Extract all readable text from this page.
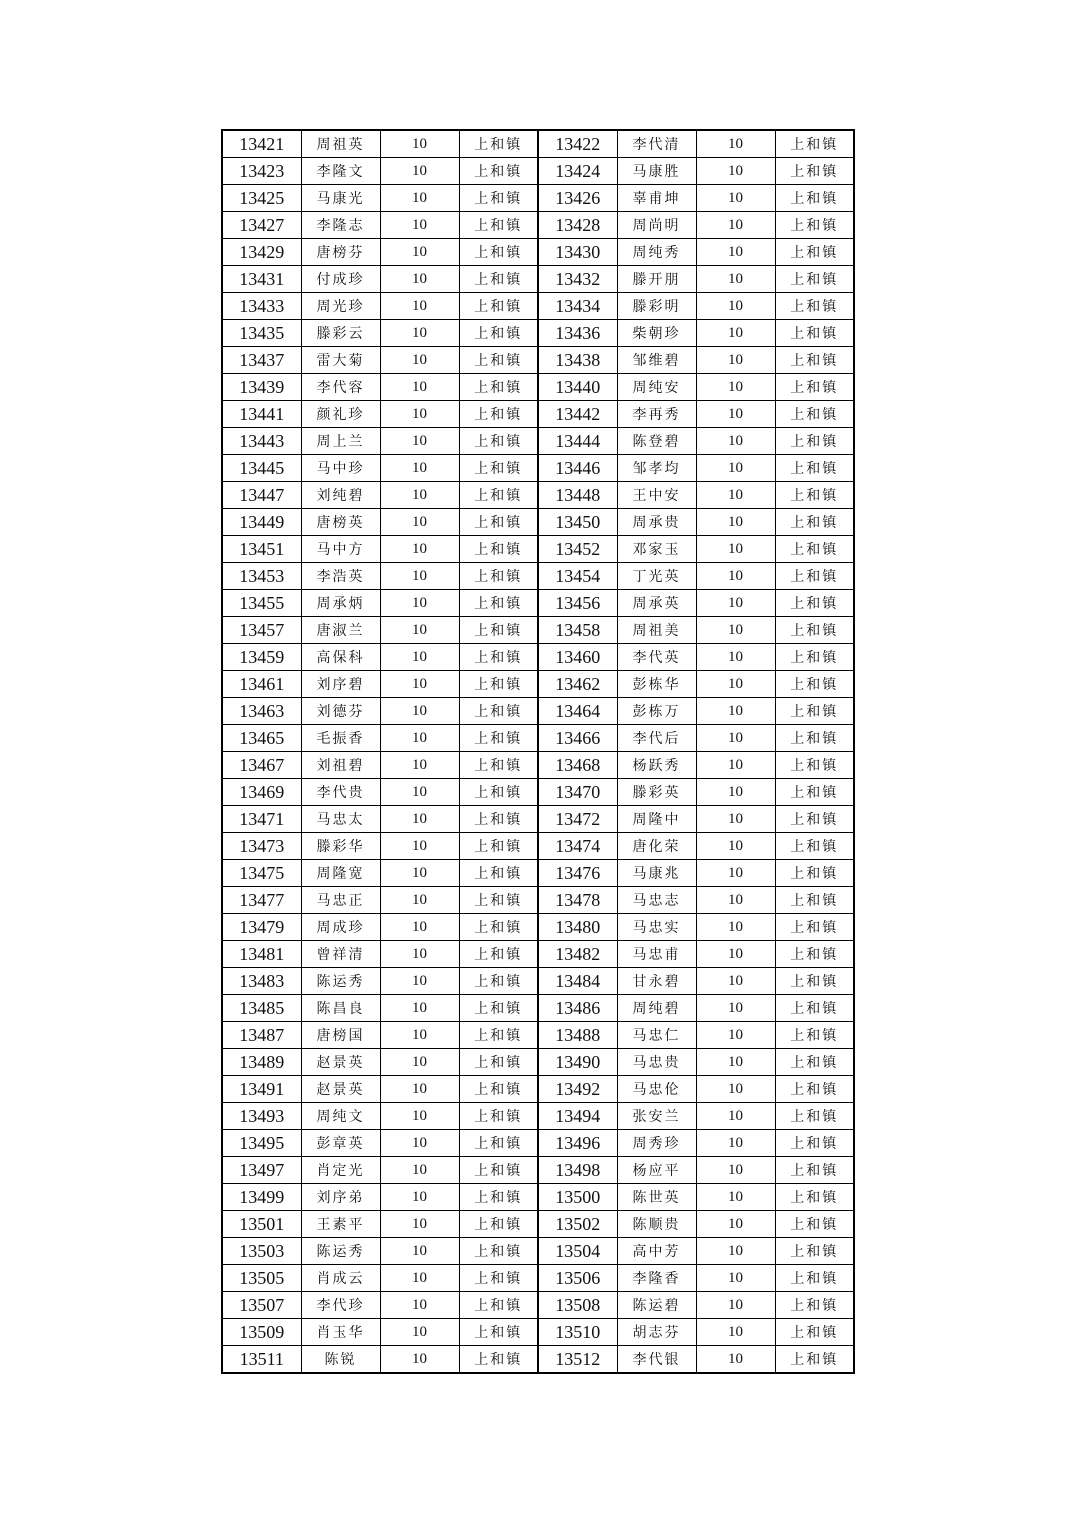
13421	周祖英	10	上和镇	13422	李代清	10	上和镇
13423	李隆文	10	上和镇	13424	马康胜	10	上和镇
13425	马康光	10	上和镇	13426	辜甫坤	10	上和镇
13427	李隆志	10	上和镇	13428	周尚明	10	上和镇
13429	唐榜芬	10	上和镇	13430	周纯秀	10	上和镇
13431	付成珍	10	上和镇	13432	滕开朋	10	上和镇
13433	周光珍	10	上和镇	13434	滕彩明	10	上和镇
13435	滕彩云	10	上和镇	13436	柴朝珍	10	上和镇
13437	雷大菊	10	上和镇	13438	邹维碧	10	上和镇
13439	李代容	10	上和镇	13440	周纯安	10	上和镇
13441	颜礼珍	10	上和镇	13442	李再秀	10	上和镇
13443	周上兰	10	上和镇	13444	陈登碧	10	上和镇
13445	马中珍	10	上和镇	13446	邹孝均	10	上和镇
13447	刘纯碧	10	上和镇	13448	王中安	10	上和镇
13449	唐榜英	10	上和镇	13450	周承贵	10	上和镇
13451	马中方	10	上和镇	13452	邓家玉	10	上和镇
13453	李浩英	10	上和镇	13454	丁光英	10	上和镇
13455	周承炳	10	上和镇	13456	周承英	10	上和镇
13457	唐淑兰	10	上和镇	13458	周祖美	10	上和镇
13459	高保科	10	上和镇	13460	李代英	10	上和镇
13461	刘序碧	10	上和镇	13462	彭栋华	10	上和镇
13463	刘德芬	10	上和镇	13464	彭栋万	10	上和镇
13465	毛振香	10	上和镇	13466	李代后	10	上和镇
13467	刘祖碧	10	上和镇	13468	杨跃秀	10	上和镇
13469	李代贵	10	上和镇	13470	滕彩英	10	上和镇
13471	马忠太	10	上和镇	13472	周隆中	10	上和镇
13473	滕彩华	10	上和镇	13474	唐化荣	10	上和镇
13475	周隆宽	10	上和镇	13476	马康兆	10	上和镇
13477	马忠正	10	上和镇	13478	马忠志	10	上和镇
13479	周成珍	10	上和镇	13480	马忠实	10	上和镇
13481	曾祥清	10	上和镇	13482	马忠甫	10	上和镇
13483	陈运秀	10	上和镇	13484	甘永碧	10	上和镇
13485	陈昌良	10	上和镇	13486	周纯碧	10	上和镇
13487	唐榜国	10	上和镇	13488	马忠仁	10	上和镇
13489	赵景英	10	上和镇	13490	马忠贵	10	上和镇
13491	赵景英	10	上和镇	13492	马忠伦	10	上和镇
13493	周纯文	10	上和镇	13494	张安兰	10	上和镇
13495	彭章英	10	上和镇	13496	周秀珍	10	上和镇
13497	肖定光	10	上和镇	13498	杨应平	10	上和镇
13499	刘序弟	10	上和镇	13500	陈世英	10	上和镇
13501	王素平	10	上和镇	13502	陈顺贵	10	上和镇
13503	陈运秀	10	上和镇	13504	高中芳	10	上和镇
13505	肖成云	10	上和镇	13506	李隆香	10	上和镇
13507	李代珍	10	上和镇	13508	陈运碧	10	上和镇
13509	肖玉华	10	上和镇	13510	胡志芬	10	上和镇
13511	陈锐	10	上和镇	13512	李代银	10	上和镇
